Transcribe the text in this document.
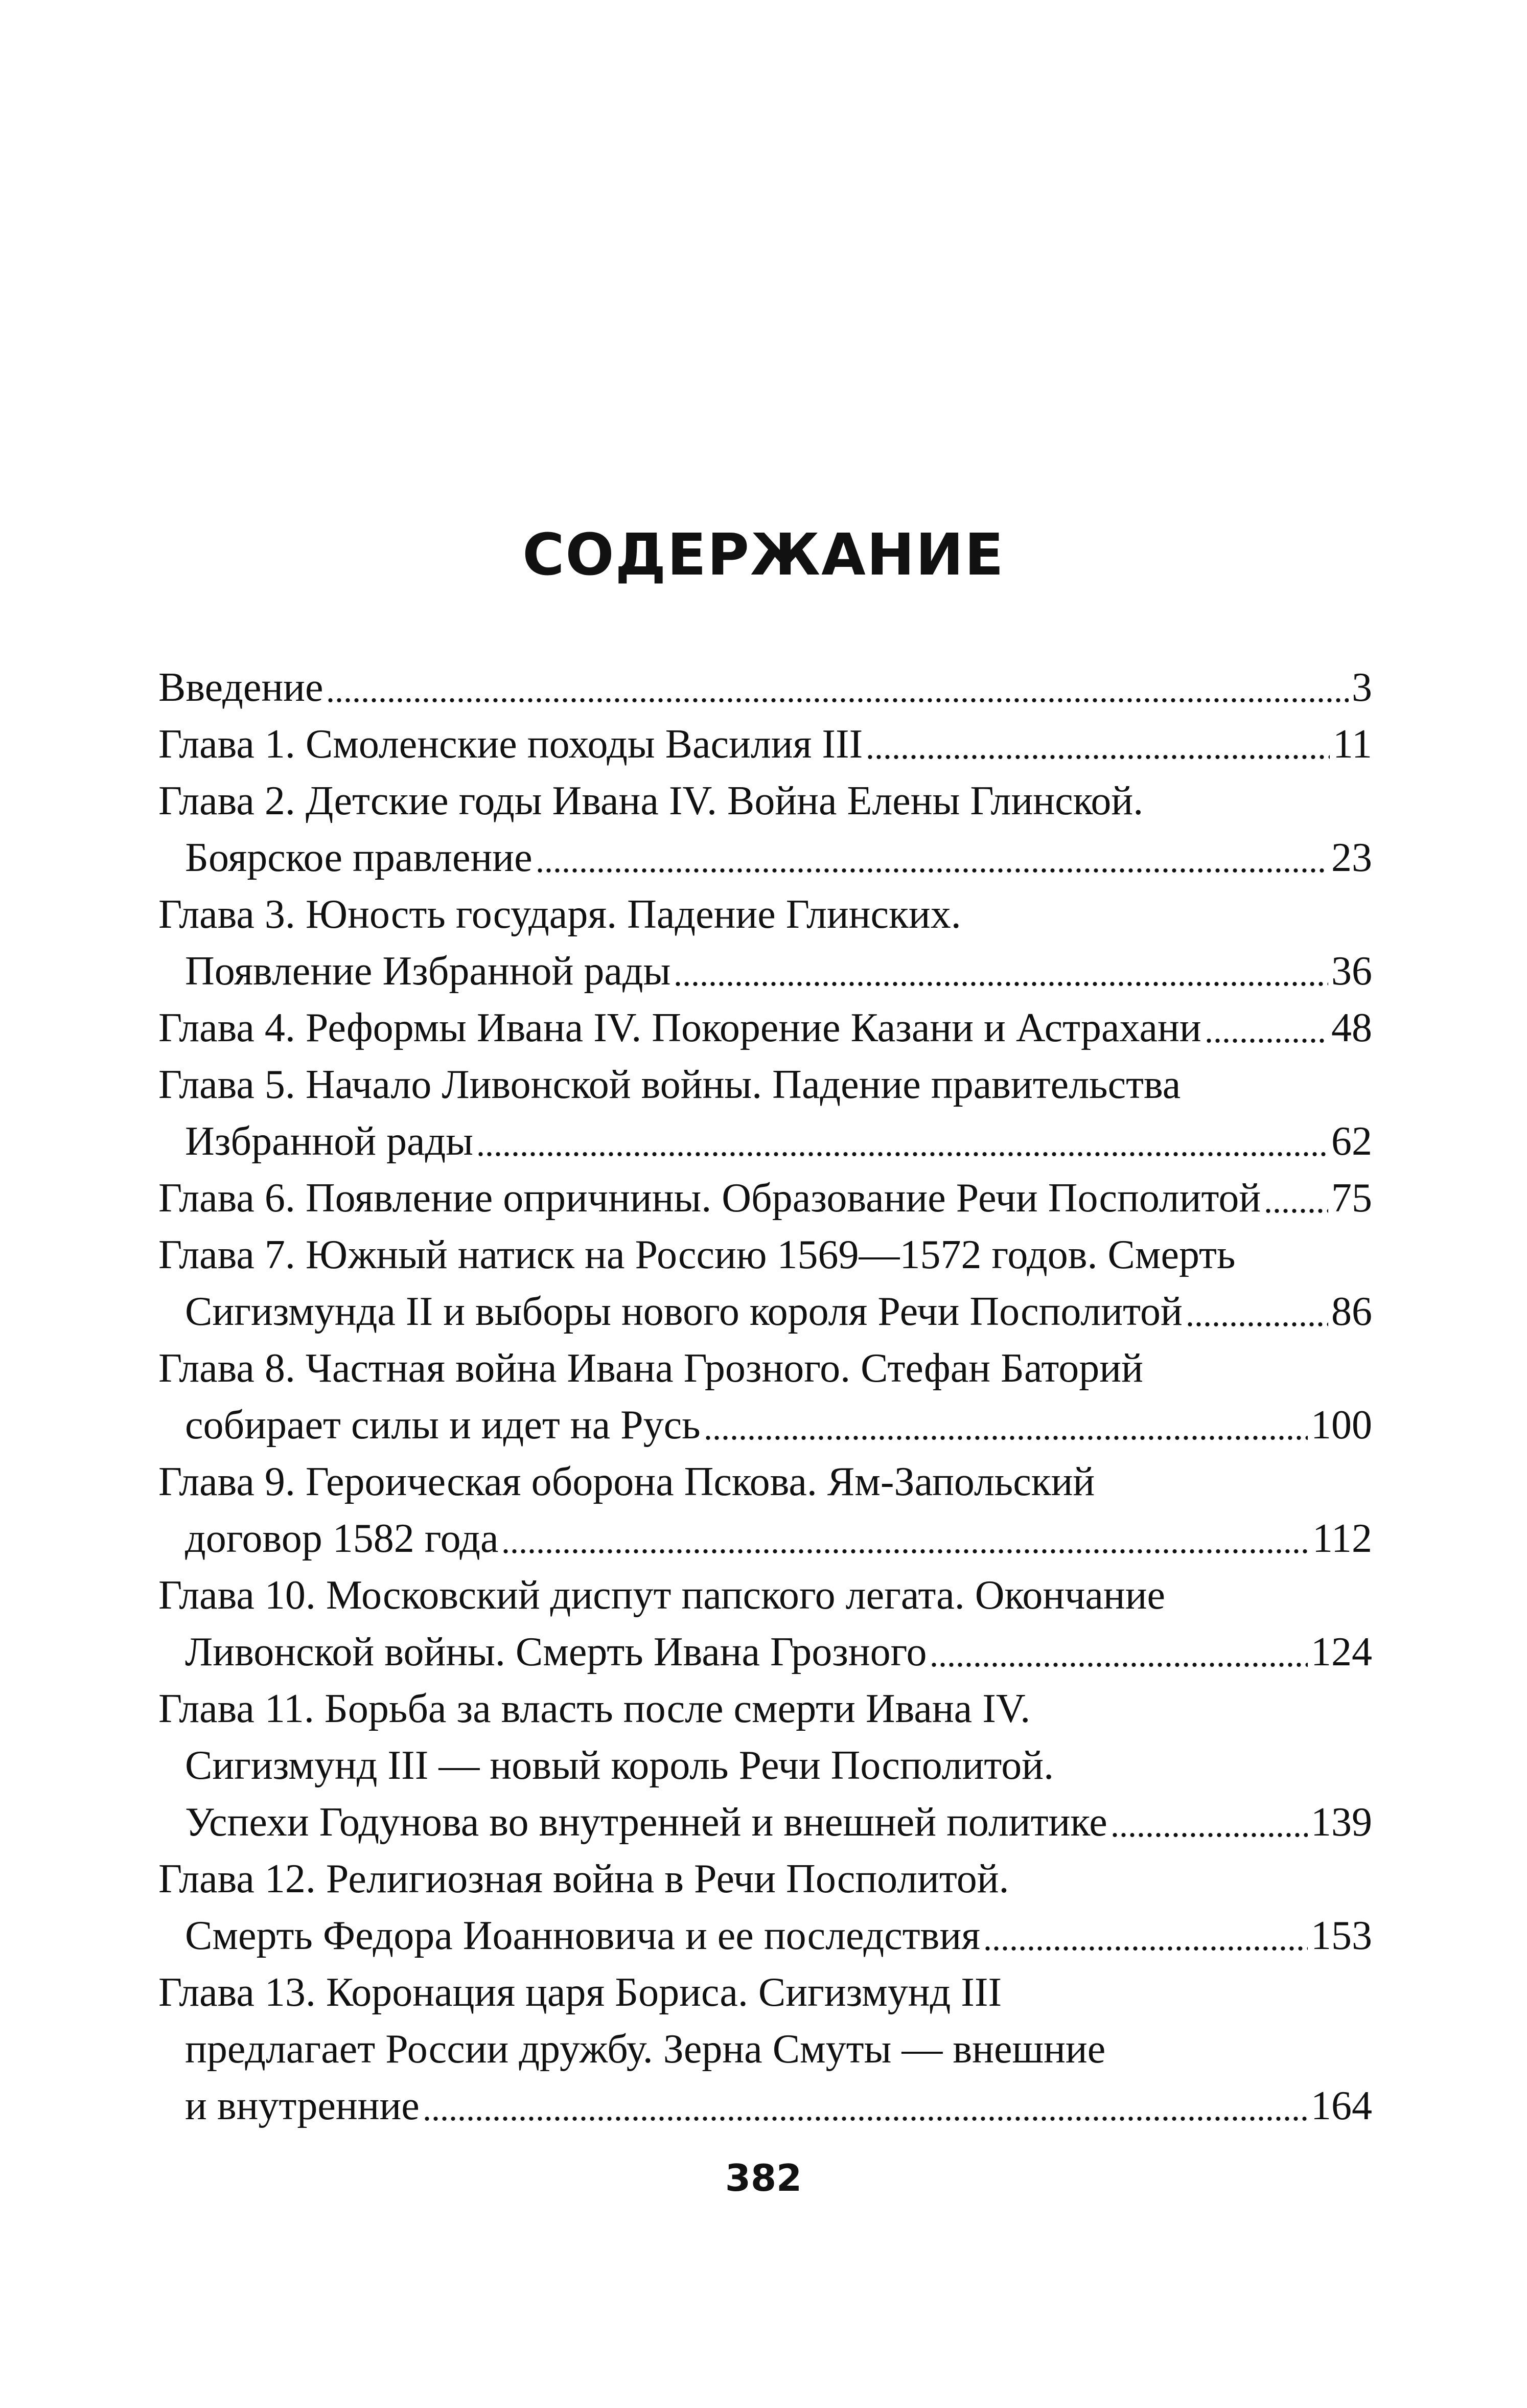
СОДЕРЖАНИЕ
Введение	3
Глава 1. Смоленские походы Василия III	11
Глава 2. Детские годы Ивана IV. Война Елены Глинской.
Боярское правление	23
Глава 3. Юность государя. Падение Глинских.
Появление Избранной рады	36
Глава 4. Реформы Ивана IV. Покорение Казани и Астрахани	48
Глава 5. Начало Ливонской войны. Падение правительства
Избранной рады	62
Глава 6. Появление опричнины. Образование Речи Посполитой 75
Глава 7. Южный натиск на Россию 1569—1572 годов. Смерть
Сигизмунда II и выборы нового короля Речи Посполитой	86
Глава 8. Частная война Ивана Грозного. Стефан Баторий
собирает силы и идет на Русь	100
Глава 9. Героическая оборона Пскова. Ям-Запольский
договор 1582 года	112
Глава 10. Московский диспут папского легата. Окончание
Ливонской войны. Смерть Ивана Грозного	124
Глава 11. Борьба за власть после смерти Ивана IV.
Сигизмунд III — новый король Речи Посполитой.
Успехи Годунова во внутренней и внешней политике	139
Глава 12. Религиозная война в Речи Посполитой.
Смерть Федора Иоанновича и ее последствия	153
Глава 13. Коронация царя Бориса. Сигизмунд III
предлагает России дружбу. Зерна Смуты — внешние
и внутренние	164
382
